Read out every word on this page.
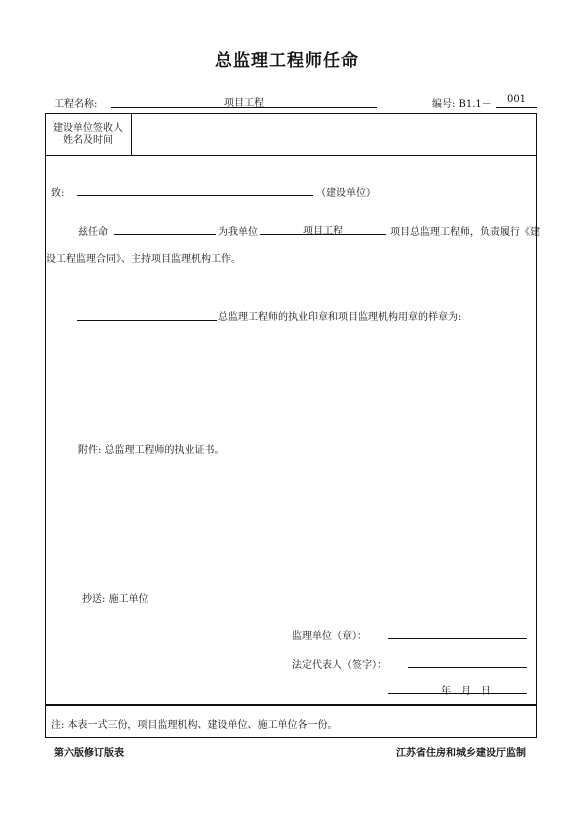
总监理工程师任命
工程名称:	项目工程	编号: B1.1－	001
建设单位签收人
姓名及时间
致:	（建设单位）
兹任命	为我单位	项目工程	项目总监理工程师，负责履行《建
设工程监理合同》、主持项目监理机构工作。
总监理工程师的执业印章和项目监理机构用章的样章为:
附件: 总监理工程师的执业证书。
抄送: 施工单位
监理单位（章）：
法定代表人（签字）：
年　月　日
注: 本表一式三份，项目监理机构、建设单位、施工单位各一份。
第六版修订版表	江苏省住房和城乡建设厅监制
